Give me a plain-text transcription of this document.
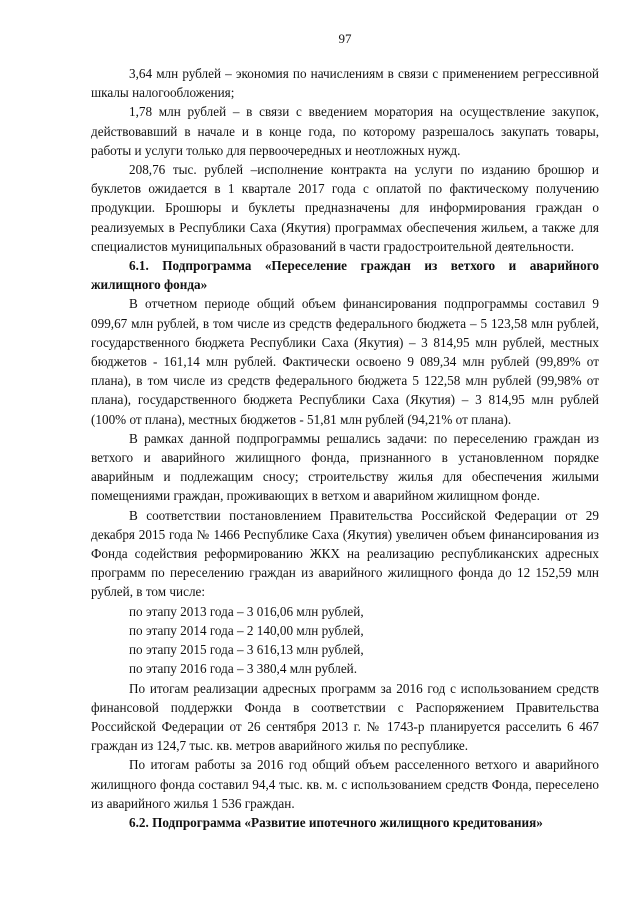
97

3,64 млн рублей – экономия по начислениям в связи с применением регрессивной шкалы налогообложения;

1,78 млн рублей – в связи с введением моратория на осуществление закупок, действовавший в начале и в конце года, по которому разрешалось закупать товары, работы и услуги только для первоочередных и неотложных нужд.

208,76 тыс. рублей –исполнение контракта на услуги по изданию брошюр и буклетов ожидается в 1 квартале 2017 года с оплатой по фактическому получению продукции. Брошюры и буклеты предназначены для информирования граждан о реализуемых в Республики Саха (Якутия) программах обеспечения жильем, а также для специалистов муниципальных образований в части градостроительной деятельности.

6.1. Подпрограмма «Переселение граждан из ветхого и аварийного жилищного фонда»

В отчетном периоде общий объем финансирования подпрограммы составил 9 099,67 млн рублей, в том числе из средств федерального бюджета – 5 123,58 млн рублей, государственного бюджета Республики Саха (Якутия) – 3 814,95 млн рублей, местных бюджетов - 161,14 млн рублей. Фактически освоено 9 089,34 млн рублей (99,89% от плана), в том числе из средств федерального бюджета 5 122,58 млн рублей (99,98% от плана), государственного бюджета Республики Саха (Якутия) – 3 814,95 млн рублей (100% от плана), местных бюджетов - 51,81 млн рублей (94,21% от плана).

В рамках данной подпрограммы решались задачи: по переселению граждан из ветхого и аварийного жилищного фонда, признанного в установленном порядке аварийным и подлежащим сносу; строительству жилья для обеспечения жилыми помещениями граждан, проживающих в ветхом и аварийном жилищном фонде.

В соответствии постановлением Правительства Российской Федерации от 29 декабря 2015 года № 1466 Республике Саха (Якутия) увеличен объем финансирования из Фонда содействия реформированию ЖКХ на реализацию республиканских адресных программ по переселению граждан из аварийного жилищного фонда до 12 152,59 млн рублей, в том числе:

по этапу 2013 года – 3 016,06 млн рублей,

по этапу 2014 года – 2 140,00 млн рублей,

по этапу 2015 года – 3 616,13 млн рублей,

по этапу 2016 года – 3 380,4 млн рублей.

По итогам реализации адресных программ за 2016 год с использованием средств финансовой поддержки Фонда в соответствии с Распоряжением Правительства Российской Федерации от 26 сентября 2013 г. № 1743-р планируется расселить 6 467 граждан из 124,7 тыс. кв. метров аварийного жилья по республике.

По итогам работы за 2016 год общий объем расселенного ветхого и аварийного жилищного фонда составил 94,4 тыс. кв. м. с использованием средств Фонда, переселено из аварийного жилья 1 536 граждан.

6.2. Подпрограмма «Развитие ипотечного жилищного кредитования»
